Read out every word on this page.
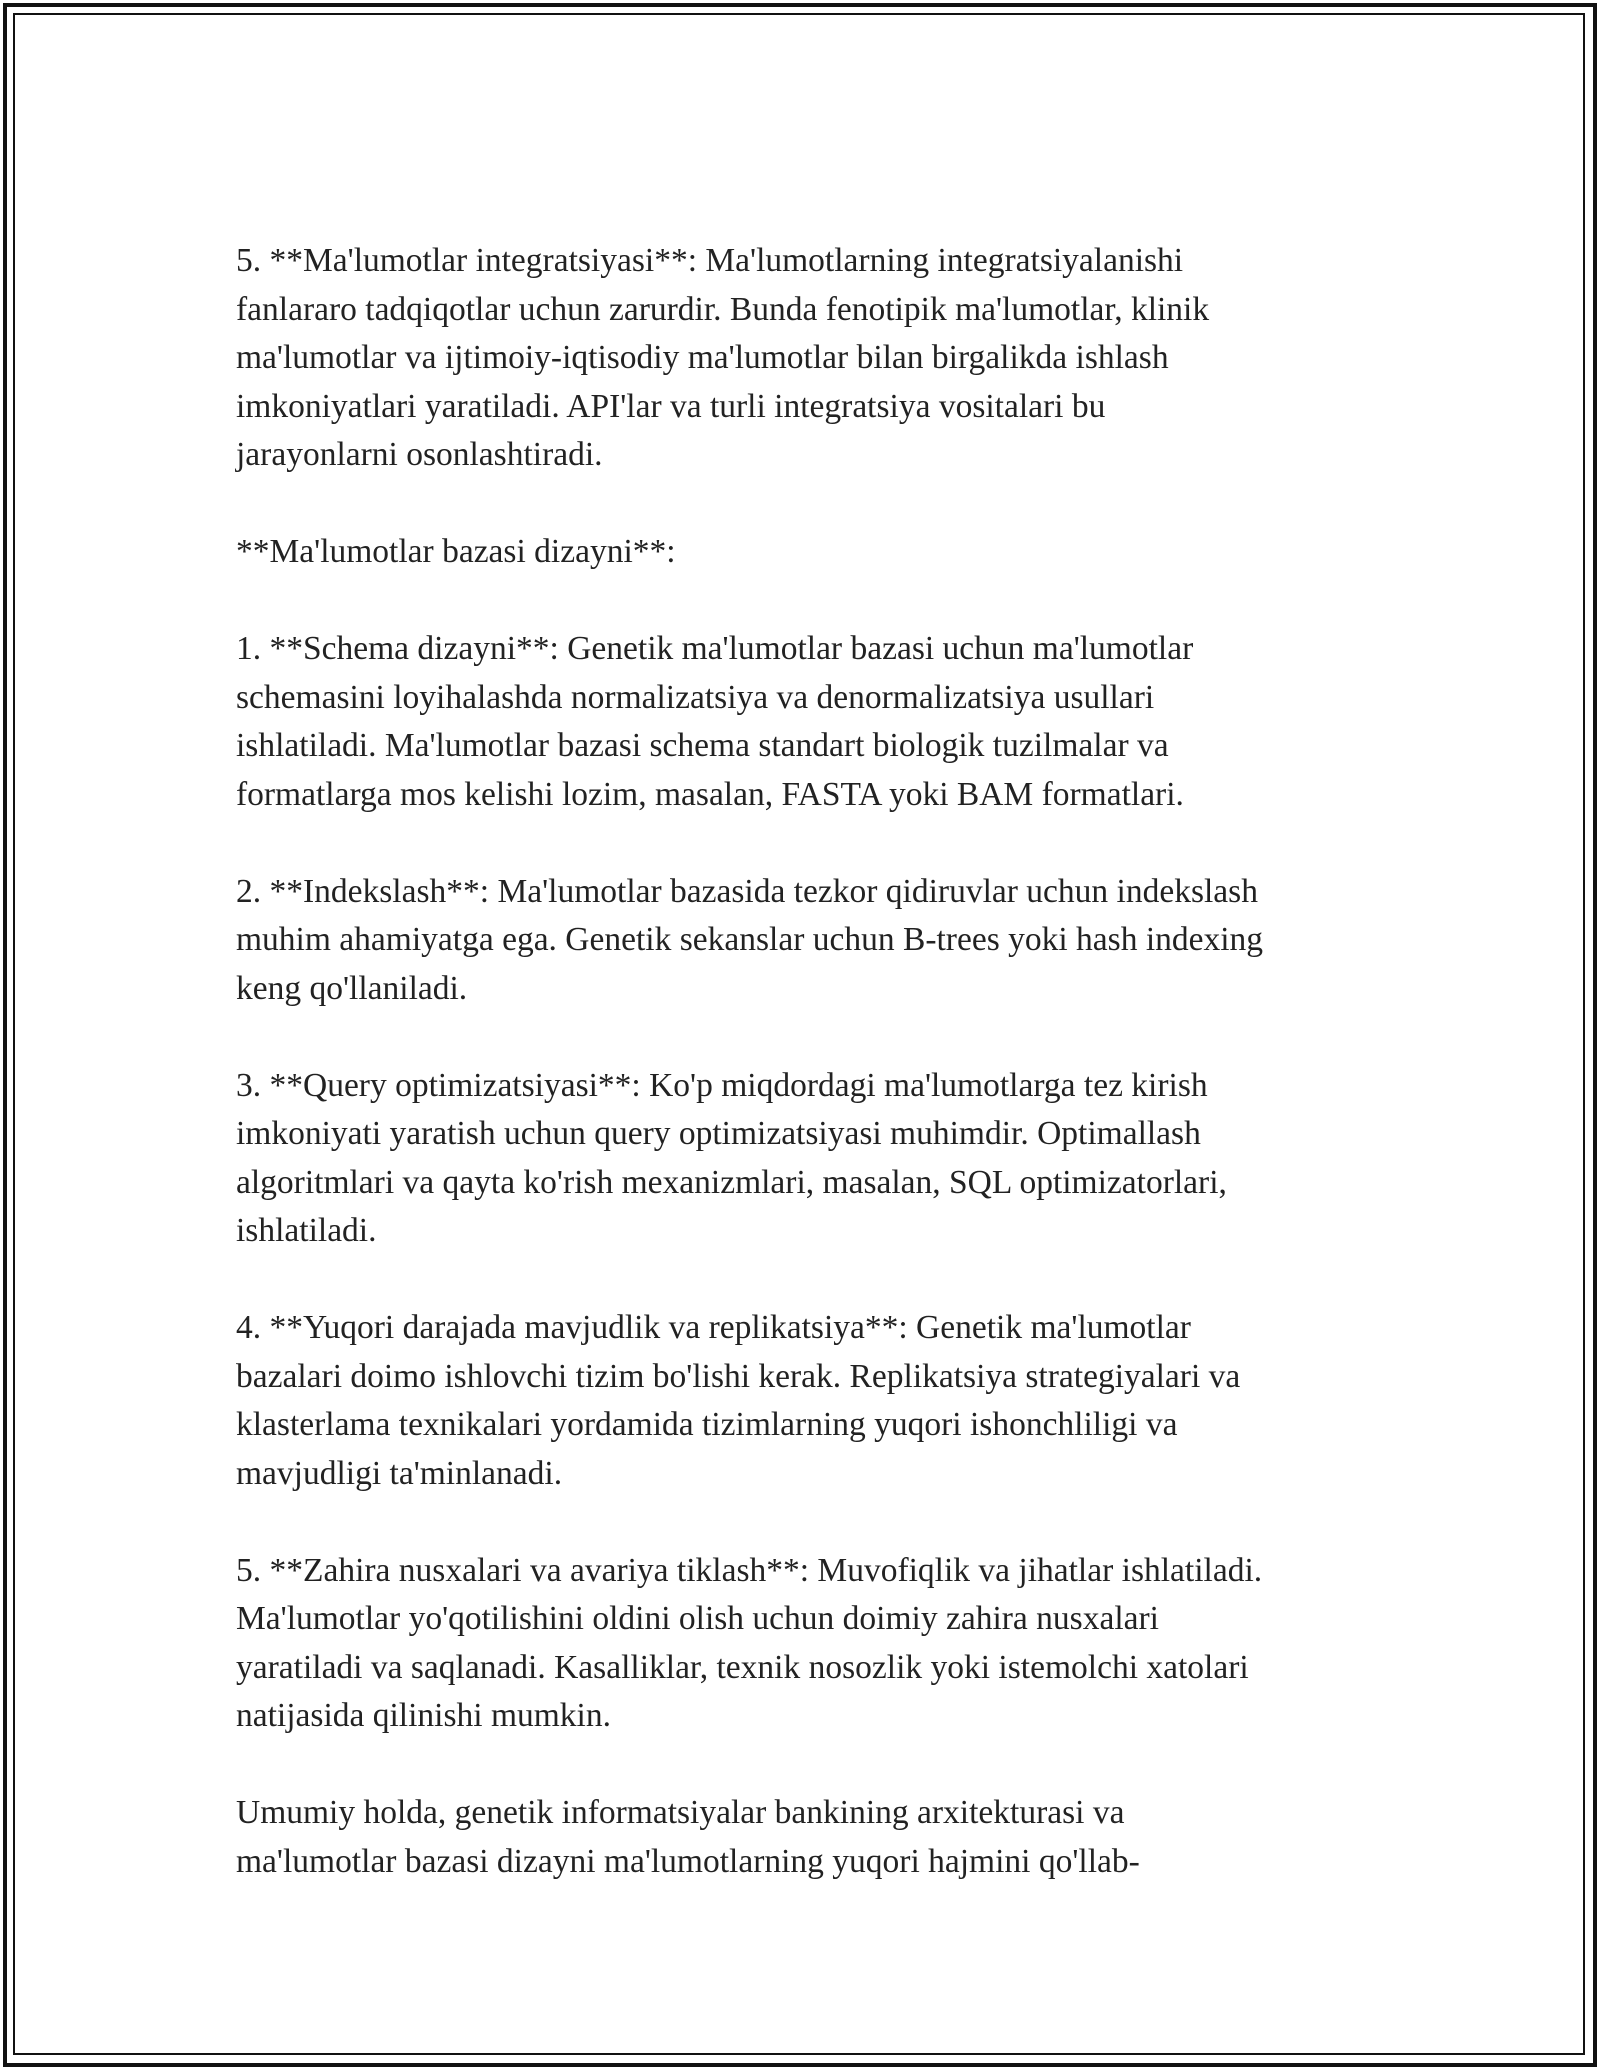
5. **Ma'lumotlar integratsiyasi**: Ma'lumotlarning integratsiyalanishi
fanlararo tadqiqotlar uchun zarurdir. Bunda fenotipik ma'lumotlar, klinik
ma'lumotlar va ijtimoiy-iqtisodiy ma'lumotlar bilan birgalikda ishlash
imkoniyatlari yaratiladi. API'lar va turli integratsiya vositalari bu
jarayonlarni osonlashtiradi.
**Ma'lumotlar bazasi dizayni**:
1. **Schema dizayni**: Genetik ma'lumotlar bazasi uchun ma'lumotlar
schemasini loyihalashda normalizatsiya va denormalizatsiya usullari
ishlatiladi. Ma'lumotlar bazasi schema standart biologik tuzilmalar va
formatlarga mos kelishi lozim, masalan, FASTA yoki BAM formatlari.
2. **Indekslash**: Ma'lumotlar bazasida tezkor qidiruvlar uchun indekslash
muhim ahamiyatga ega. Genetik sekanslar uchun B-trees yoki hash indexing
keng qo'llaniladi.
3. **Query optimizatsiyasi**: Ko'p miqdordagi ma'lumotlarga tez kirish
imkoniyati yaratish uchun query optimizatsiyasi muhimdir. Optimallash
algoritmlari va qayta ko'rish mexanizmlari, masalan, SQL optimizatorlari,
ishlatiladi.
4. **Yuqori darajada mavjudlik va replikatsiya**: Genetik ma'lumotlar
bazalari doimo ishlovchi tizim bo'lishi kerak. Replikatsiya strategiyalari va
klasterlama texnikalari yordamida tizimlarning yuqori ishonchliligi va
mavjudligi ta'minlanadi.
5. **Zahira nusxalari va avariya tiklash**: Muvofiqlik va jihatlar ishlatiladi.
Ma'lumotlar yo'qotilishini oldini olish uchun doimiy zahira nusxalari
yaratiladi va saqlanadi. Kasalliklar, texnik nosozlik yoki istemolchi xatolari
natijasida qilinishi mumkin.
Umumiy holda, genetik informatsiyalar bankining arxitekturasi va
ma'lumotlar bazasi dizayni ma'lumotlarning yuqori hajmini qo'llab-
